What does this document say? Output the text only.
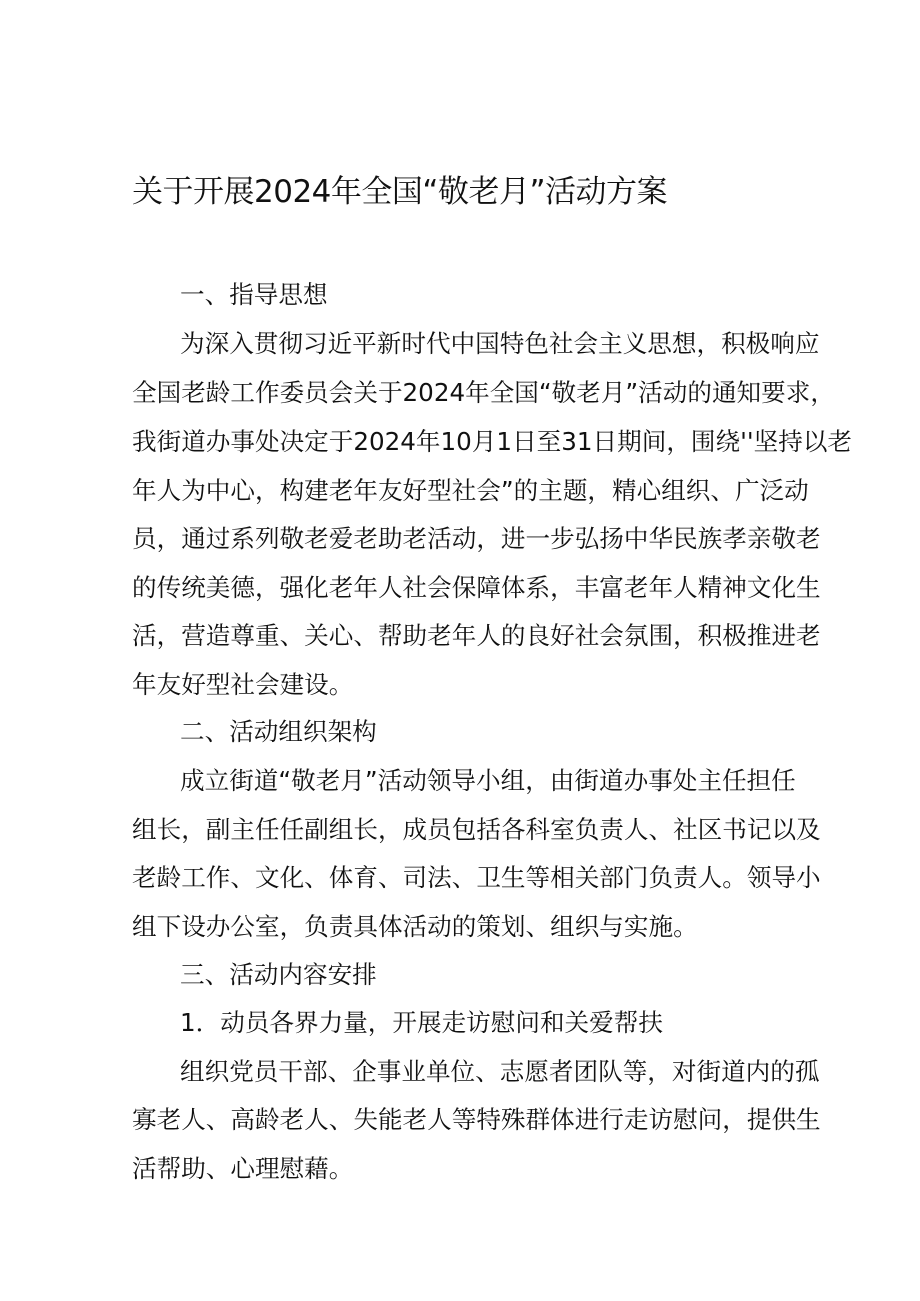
关于开展2024年全国“敬老月”活动方案

一、指导思想

为深入贯彻习近平新时代中国特色社会主义思想，积极响应

全国老龄工作委员会关于2024年全国“敬老月”活动的通知要求，

我街道办事处决定于2024年10月1日至31日期间，围绕''坚持以老

年人为中心，构建老年友好型社会”的主题，精心组织、广泛动

员，通过系列敬老爱老助老活动，进一步弘扬中华民族孝亲敬老

的传统美德，强化老年人社会保障体系，丰富老年人精神文化生

活，营造尊重、关心、帮助老年人的良好社会氛围，积极推进老

年友好型社会建设。

二、活动组织架构

成立街道“敬老月”活动领导小组，由街道办事处主任担任

组长，副主任任副组长，成员包括各科室负责人、社区书记以及

老龄工作、文化、体育、司法、卫生等相关部门负责人。领导小

组下设办公室，负责具体活动的策划、组织与实施。

三、活动内容安排

1．动员各界力量，开展走访慰问和关爱帮扶

组织党员干部、企事业单位、志愿者团队等，对街道内的孤

寡老人、高龄老人、失能老人等特殊群体进行走访慰问，提供生

活帮助、心理慰藉。
